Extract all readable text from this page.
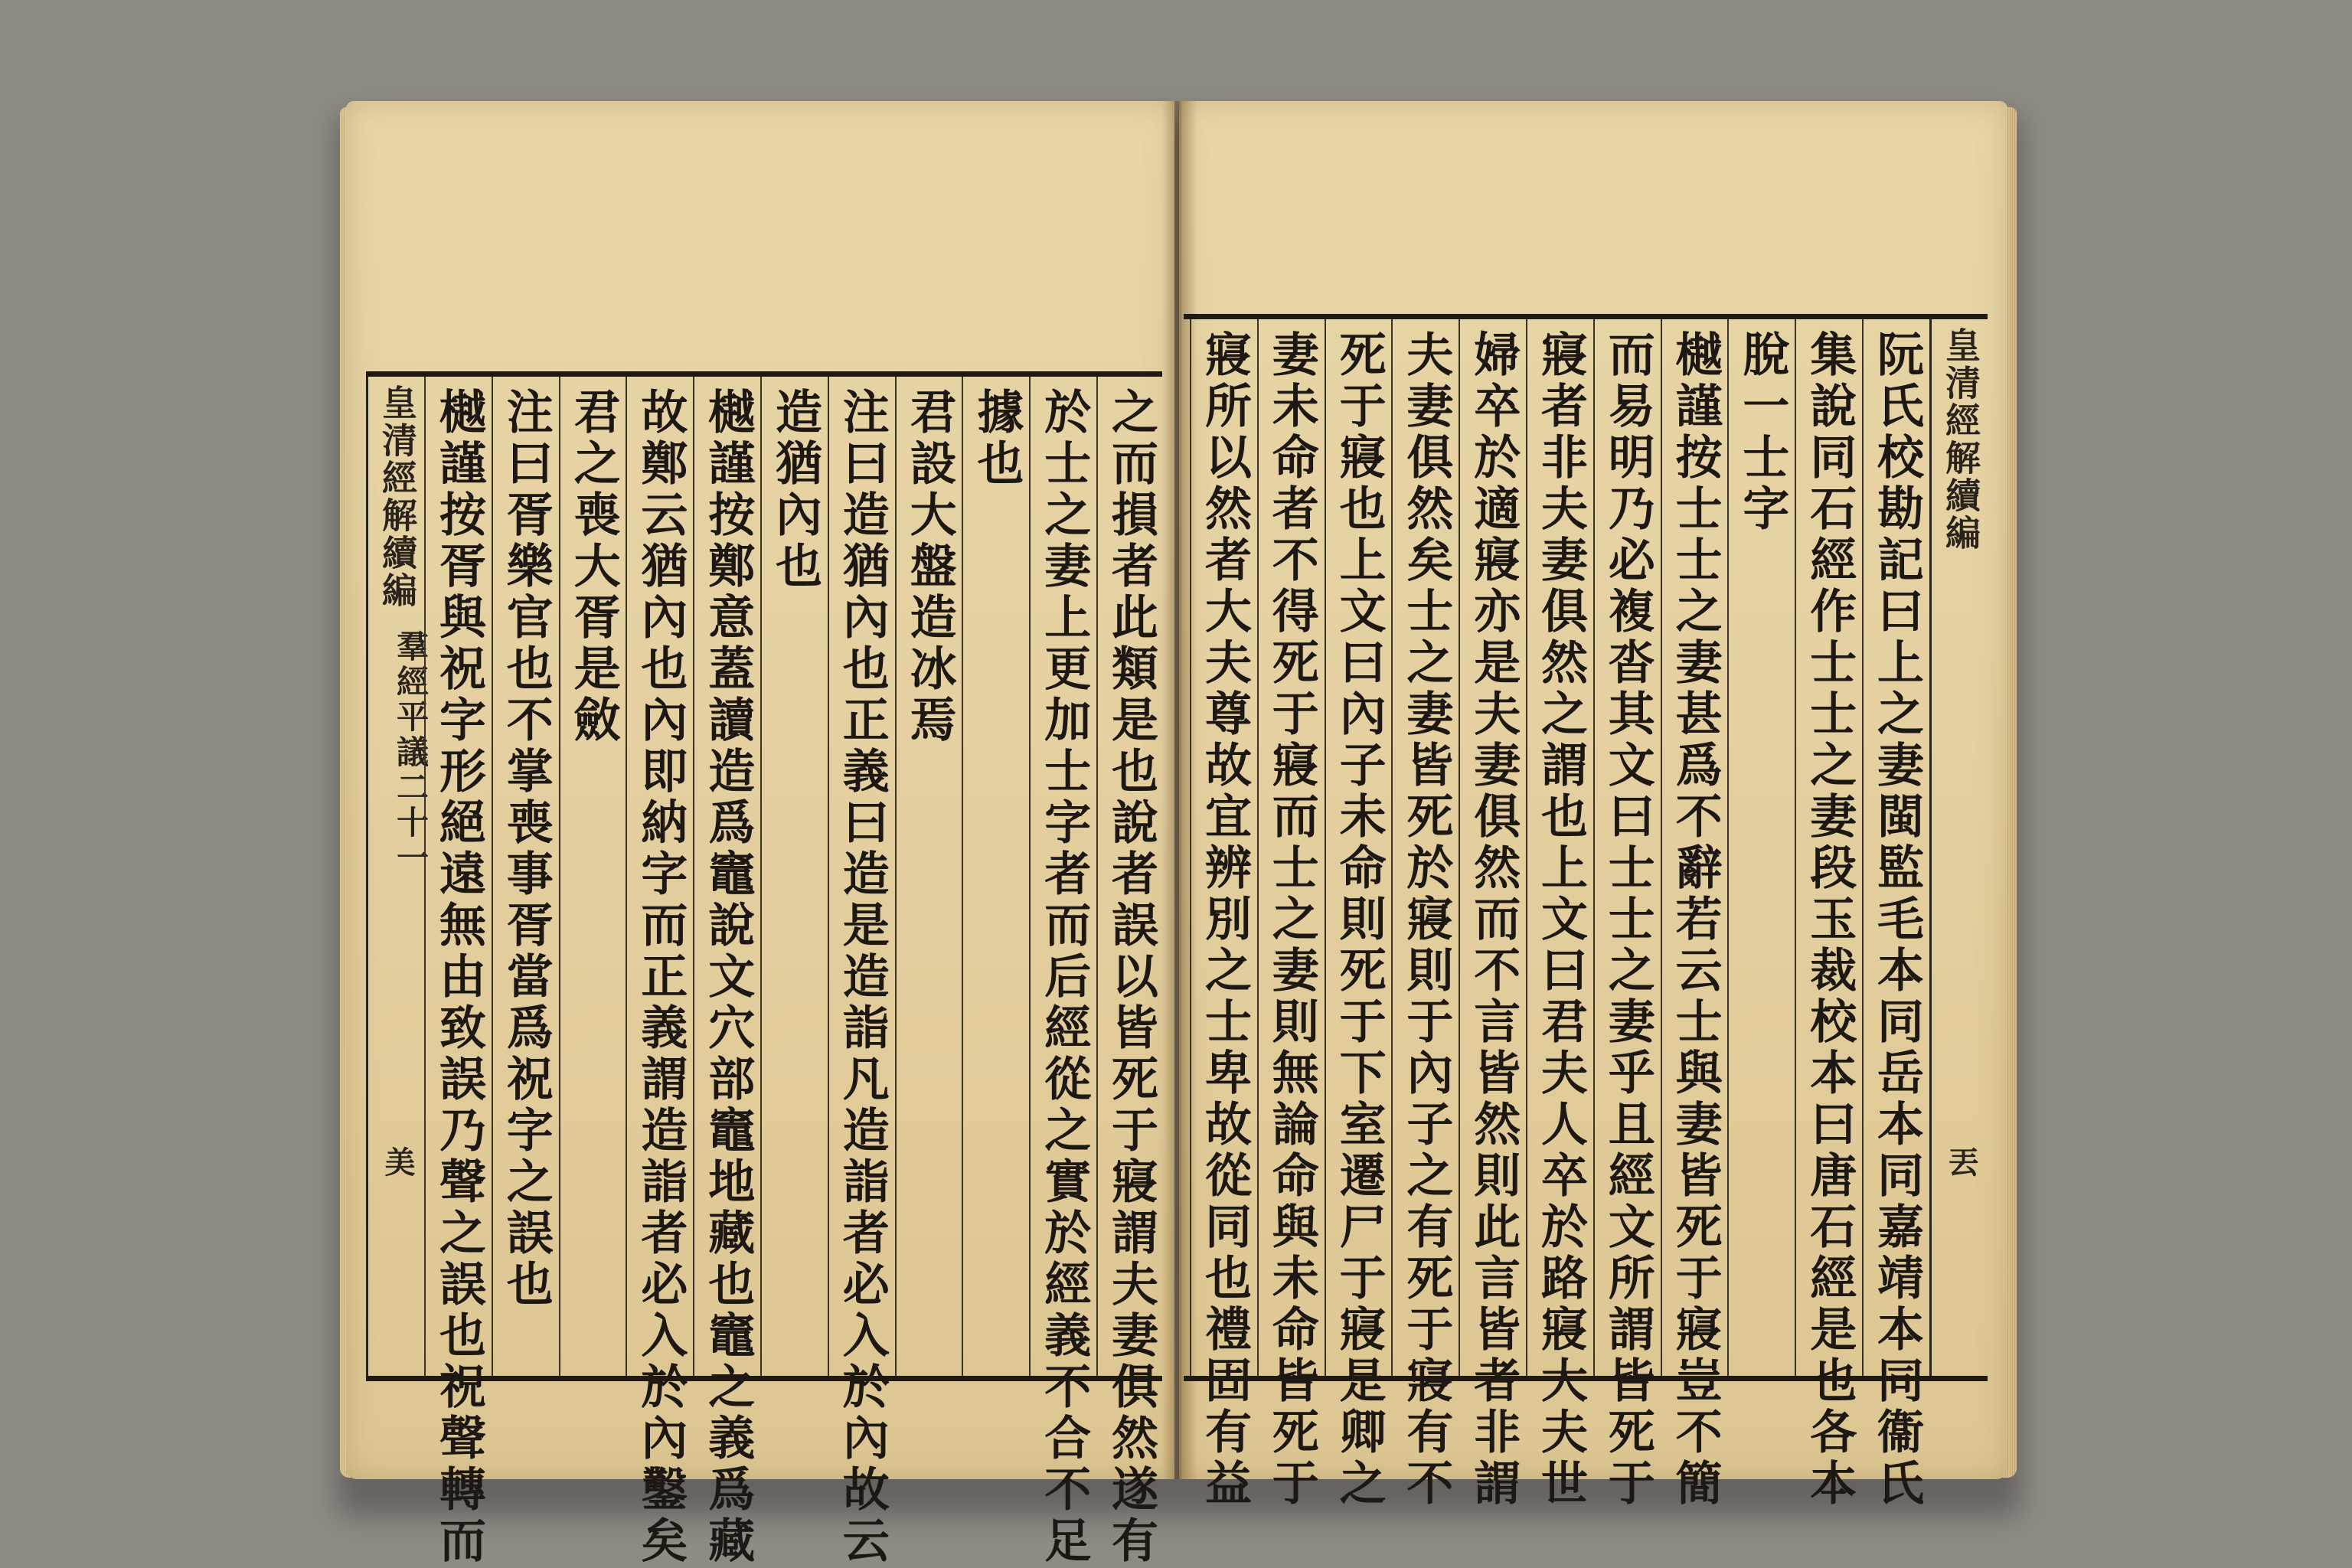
皇清經解續編
美
羣經平議二十一	之而損者此類是也說者誤以皆死于寢謂夫妻俱然遂有
於士之妻上更加士字者而后經從之實於經義不合不足
據也
君設大盤造冰焉
注曰造猶內也正義曰造是造詣凡造詣者必入於內故云
造猶內也
樾謹按鄭意蓋讀造爲竈說文穴部竈地藏也竈之義爲藏
故鄭云猶內也內即納字而正義謂造詣者必入於內鑿矣
君之喪大胥是斂
注曰胥樂官也不掌喪事胥當爲祝字之誤也
樾謹按胥與祝字形絕遠無由致誤乃聲之誤也祝聲轉而	阮氏校勘記曰上之妻閩監毛本同岳本同嘉靖本同衞氏
集說同石經作士士之妻段玉裁校本曰唐石經是也各本
脫一士字
樾謹按士士之妻甚爲不辭若云士與妻皆死于寢豈不簡
而易明乃必複沓其文曰士士之妻乎且經文所謂皆死于
寢者非夫妻俱然之謂也上文曰君夫人卒於路寢大夫世
婦卒於適寢亦是夫妻俱然而不言皆然則此言皆者非謂
夫妻俱然矣士之妻皆死於寢則于內子之有死于寢有不
死于寢也上文曰內子未命則死于下室遷尸于寢是卿之
妻未命者不得死于寢而士之妻則無論命與未命皆死于
寢所以然者大夫尊故宜辨別之士卑故從同也禮固有益	皇清經解續編
丟
